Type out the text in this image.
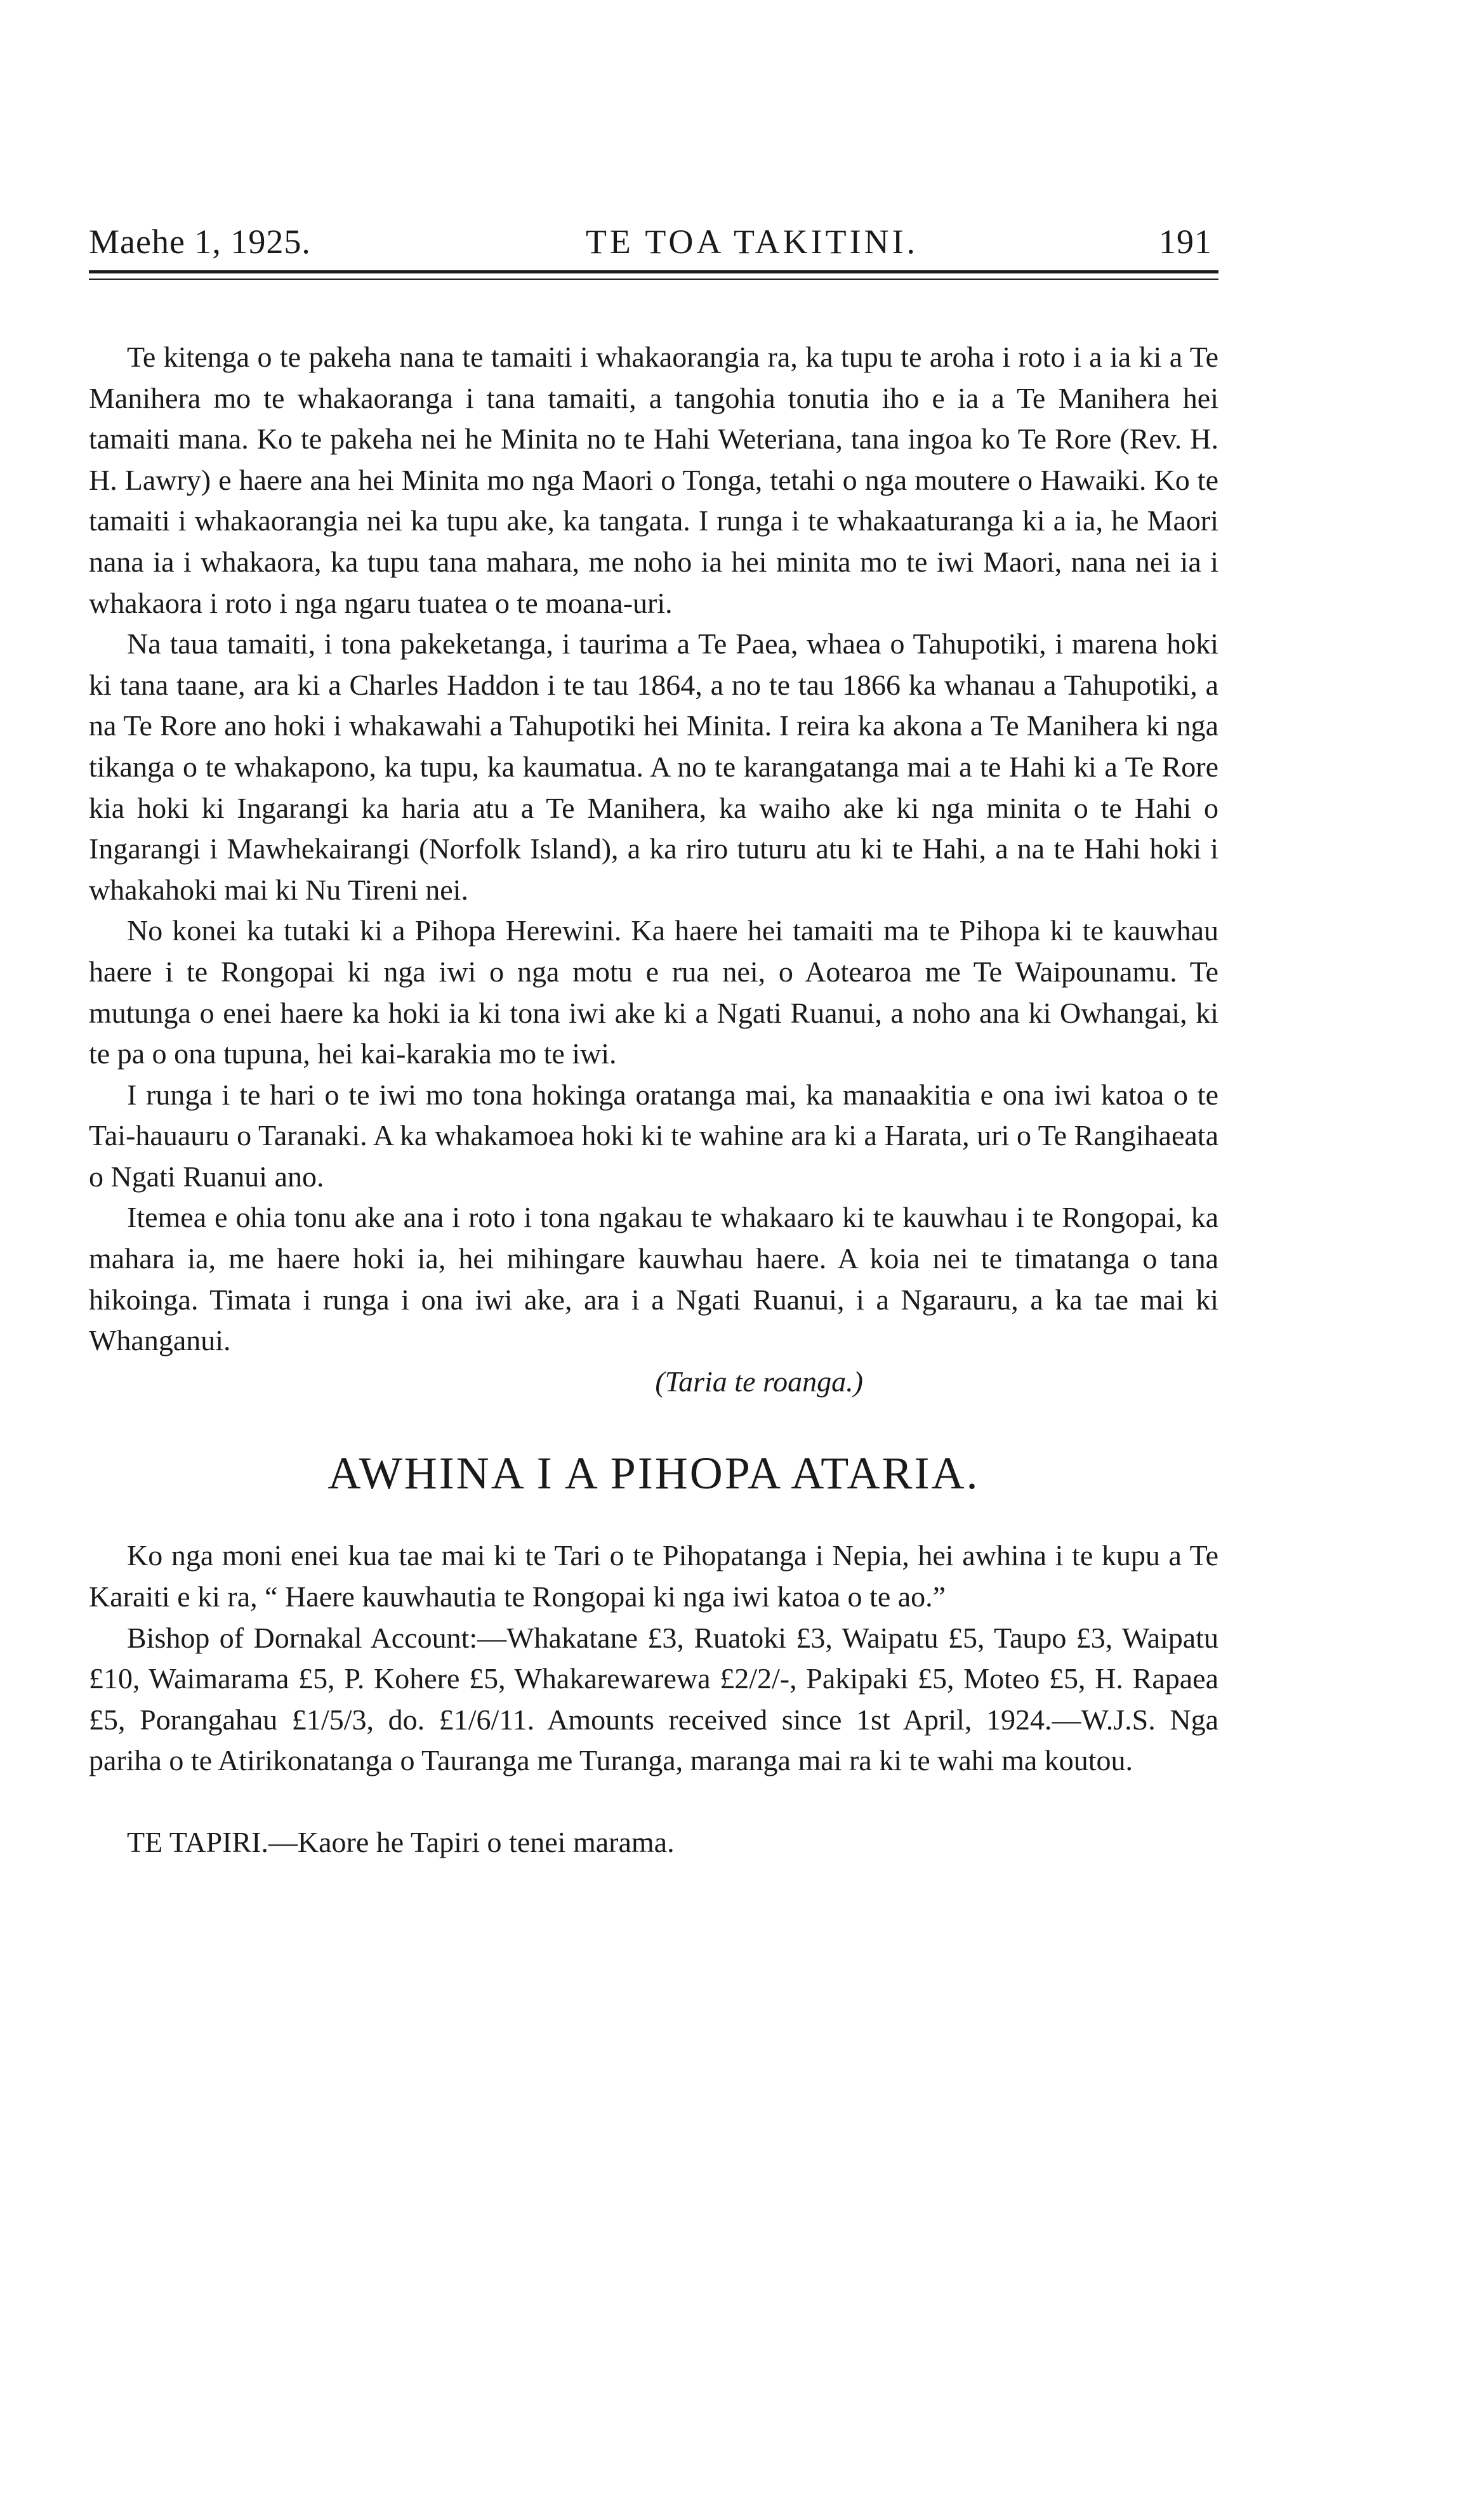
Maehe 1, 1925.	TE TOA TAKITINI.	191

Te kitenga o te pakeha nana te tamaiti i whakaorangia ra, ka tupu te aroha i roto i a ia ki a Te Manihera mo te whakaoranga i tana tamaiti, a tangohia tonutia iho e ia a Te Manihera hei tamaiti mana. Ko te pakeha nei he Minita no te Hahi Weteriana, tana ingoa ko Te Rore (Rev. H. H. Lawry) e haere ana hei Minita mo nga Maori o Tonga, tetahi o nga moutere o Hawaiki. Ko te tamaiti i whakaorangia nei ka tupu ake, ka tangata. I runga i te whakaaturanga ki a ia, he Maori nana ia i whakaora, ka tupu tana mahara, me noho ia hei minita mo te iwi Maori, nana nei ia i whakaora i roto i nga ngaru tuatea o te moana-uri.

Na taua tamaiti, i tona pakeketanga, i taurima a Te Paea, whaea o Tahupotiki, i marena hoki ki tana taane, ara ki a Charles Haddon i te tau 1864, a no te tau 1866 ka whanau a Tahupotiki, a na Te Rore ano hoki i whakawahi a Tahupotiki hei Minita. I reira ka akona a Te Manihera ki nga tikanga o te whakapono, ka tupu, ka kaumatua. A no te karangatanga mai a te Hahi ki a Te Rore kia hoki ki Ingarangi ka haria atu a Te Manihera, ka waiho ake ki nga minita o te Hahi o Ingarangi i Mawhekairangi (Norfolk Island), a ka riro tuturu atu ki te Hahi, a na te Hahi hoki i whakahoki mai ki Nu Tireni nei.

No konei ka tutaki ki a Pihopa Herewini. Ka haere hei tamaiti ma te Pihopa ki te kauwhau haere i te Rongopai ki nga iwi o nga motu e rua nei, o Aotearoa me Te Waipounamu. Te mutunga o enei haere ka hoki ia ki tona iwi ake ki a Ngati Ruanui, a noho ana ki Owhangai, ki te pa o ona tupuna, hei kai-karakia mo te iwi.

I runga i te hari o te iwi mo tona hokinga oratanga mai, ka manaakitia e ona iwi katoa o te Tai-hauauru o Taranaki. A ka whakamoea hoki ki te wahine ara ki a Harata, uri o Te Rangihaeata o Ngati Ruanui ano.

Itemea e ohia tonu ake ana i roto i tona ngakau te whakaaro ki te kauwhau i te Rongopai, ka mahara ia, me haere hoki ia, hei mihingare kauwhau haere. A koia nei te timatanga o tana hikoinga. Timata i runga i ona iwi ake, ara i a Ngati Ruanui, i a Ngarauru, a ka tae mai ki Whanganui.

(Taria te roanga.)
AWHINA I A PIHOPA ATARIA.

Ko nga moni enei kua tae mai ki te Tari o te Pihopatanga i Nepia, hei awhina i te kupu a Te Karaiti e ki ra, “ Haere kauwhautia te Rongopai ki nga iwi katoa o te ao.”

Bishop of Dornakal Account:—Whakatane £3, Ruatoki £3, Waipatu £5, Taupo £3, Waipatu £10, Waimarama £5, P. Kohere £5, Whakarewarewa £2/2/-, Pakipaki £5, Moteo £5, H. Rapaea £5, Porangahau £1/5/3, do. £1/6/11. Amounts received since 1st April, 1924.—W.J.S. Nga pariha o te Atirikonatanga o Tauranga me Turanga, maranga mai ra ki te wahi ma koutou.

TE TAPIRI.—Kaore he Tapiri o tenei marama.
